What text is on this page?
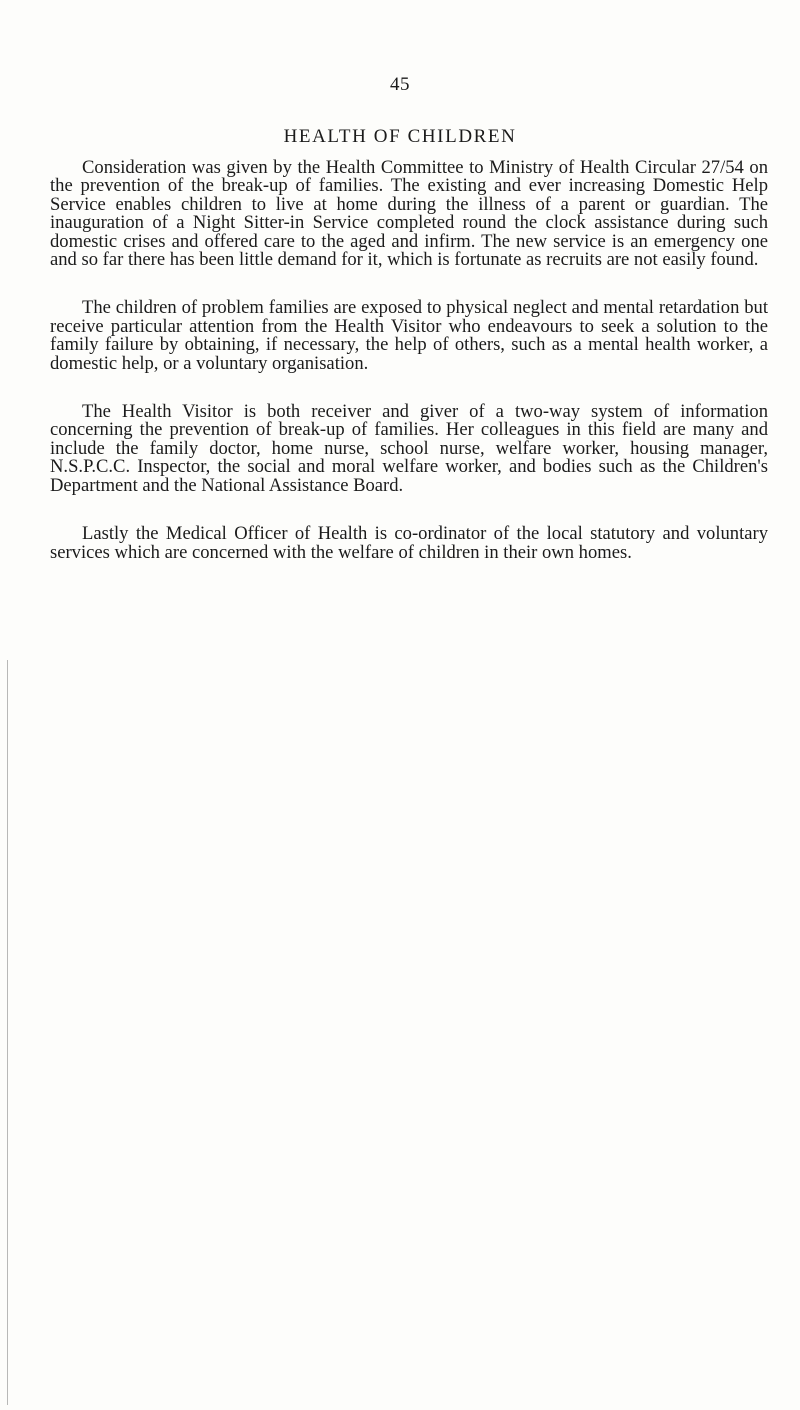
45
HEALTH OF CHILDREN

Consideration was given by the Health Committee to Ministry of Health Circular 27/54 on the prevention of the break-up of families. The existing and ever increasing Domestic Help Service enables children to live at home during the illness of a parent or guardian. The inauguration of a Night Sitter-in Service completed round the clock assistance during such domestic crises and offered care to the aged and infirm. The new service is an emergency one and so far there has been little demand for it, which is fortunate as recruits are not easily found.

The children of problem families are exposed to physical neglect and mental retardation but receive particular attention from the Health Visitor who endeavours to seek a solution to the family failure by obtaining, if necessary, the help of others, such as a mental health worker, a domestic help, or a voluntary organisation.

The Health Visitor is both receiver and giver of a two-way system of information concerning the prevention of break-up of families. Her colleagues in this field are many and include the family doctor, home nurse, school nurse, welfare worker, housing manager, N.S.P.C.C. Inspector, the social and moral welfare worker, and bodies such as the Children's Department and the National Assistance Board.

Lastly the Medical Officer of Health is co-ordinator of the local statutory and voluntary services which are concerned with the welfare of children in their own homes.
